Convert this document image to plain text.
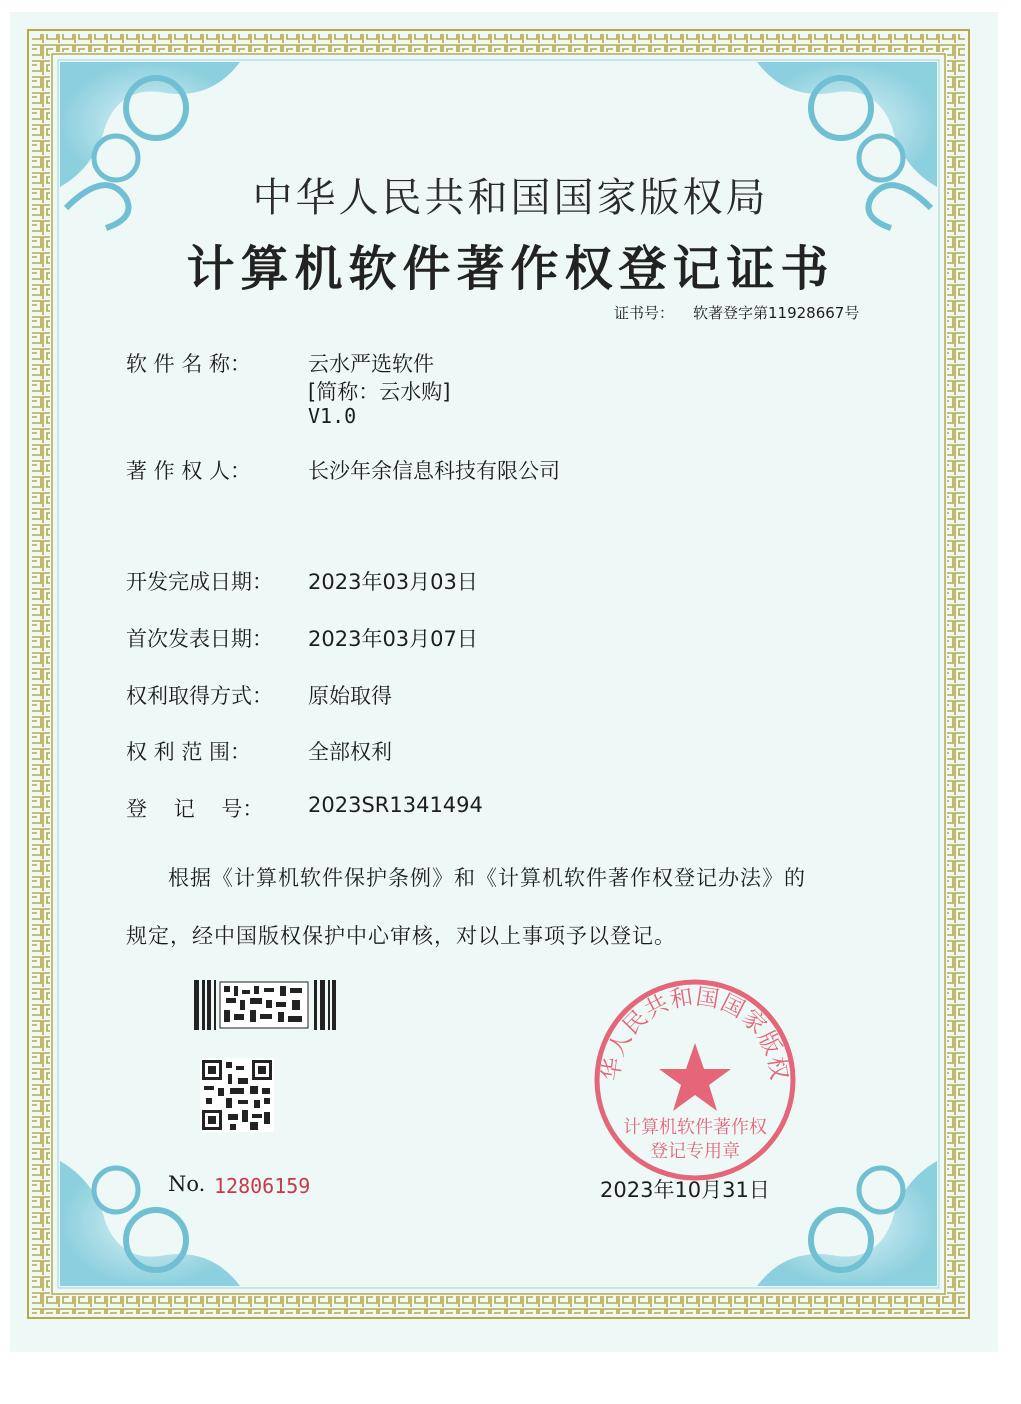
中华人民共和国国家版权局
计算机软件著作权登记证书
证书号： 软著登字第11928667号
软 件 名 称：	云水严选软件
[简称：云水购]
V1.0
著 作 权 人：	长沙年余信息科技有限公司
开发完成日期： 2023年03月03日
首次发表日期： 2023年03月07日
权利取得方式： 原始取得
权 利 范 围：	全部权利
登    记    号： 2023SR1341494
根据《计算机软件保护条例》和《计算机软件著作权登记办法》的
规定，经中国版权保护中心审核，对以上事项予以登记。
No. 12806159	2023年10月31日
华人民共和国国家版权
计算机软件著作权
登记专用章
